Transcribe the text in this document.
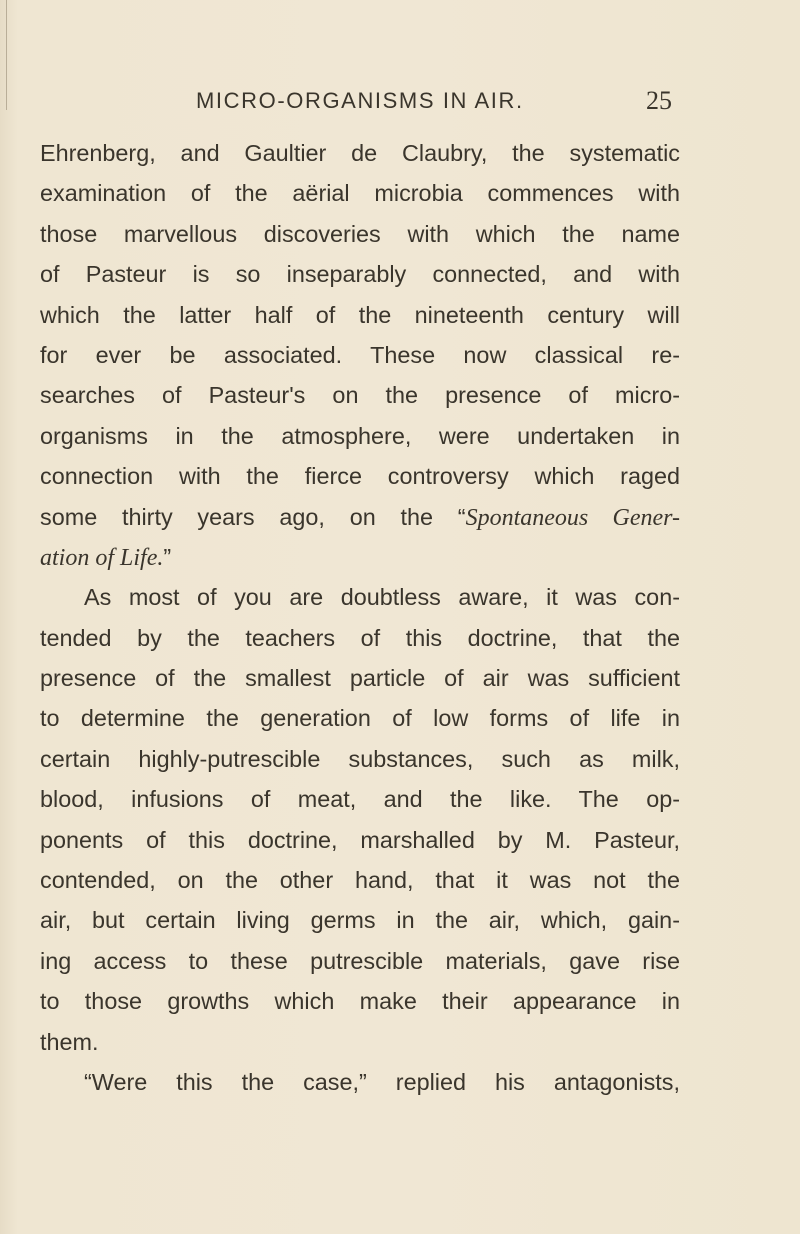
MICRO-ORGANISMS IN AIR.	25
Ehrenberg, and Gaultier de Claubry, the systematic
examination of the aërial microbia commences with
those marvellous discoveries with which the name
of Pasteur is so inseparably connected, and with
which the latter half of the nineteenth century will
for ever be associated. These now classical re-
searches of Pasteur's on the presence of micro-
organisms in the atmosphere, were undertaken in
connection with the fierce controversy which raged
some thirty years ago, on the “Spontaneous Gener-
ation of Life.”
As most of you are doubtless aware, it was con-
tended by the teachers of this doctrine, that the
presence of the smallest particle of air was sufficient
to determine the generation of low forms of life in
certain highly-putrescible substances, such as milk,
blood, infusions of meat, and the like. The op-
ponents of this doctrine, marshalled by M. Pasteur,
contended, on the other hand, that it was not the
air, but certain living germs in the air, which, gain-
ing access to these putrescible materials, gave rise
to those growths which make their appearance in
them.
“Were this the case,” replied his antagonists,
